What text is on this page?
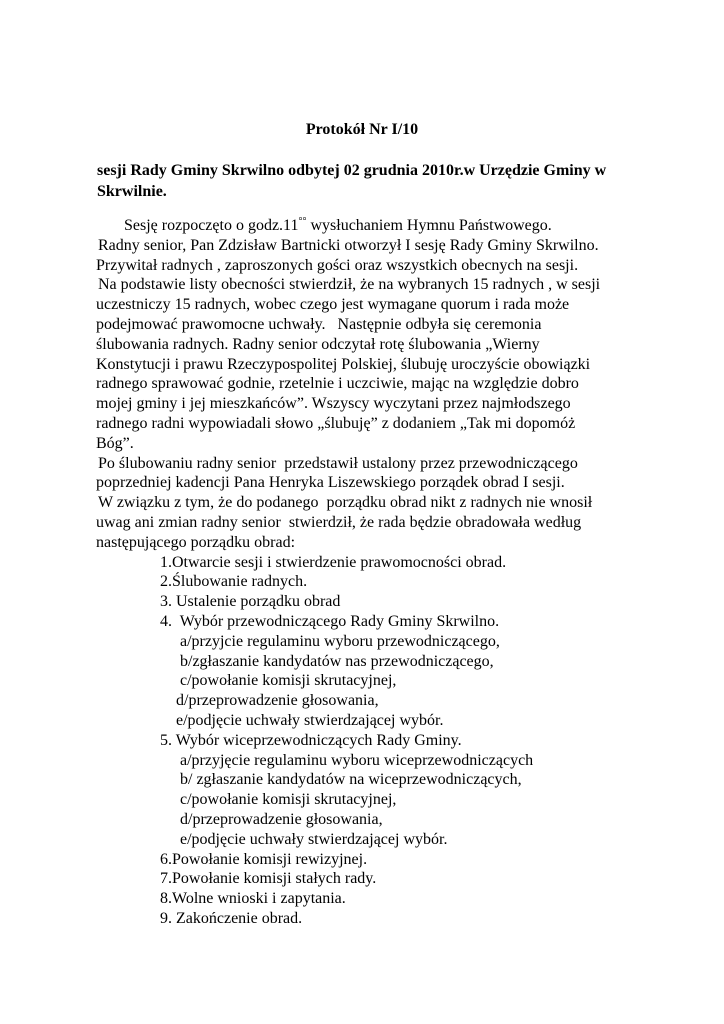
Protokół Nr I/10
sesji Rady Gminy Skrwilno odbytej 02 grudnia 2010r.w Urzędzie Gminy w Skrwilnie.
Sesję rozpoczęto o godz.11°° wysłuchaniem Hymnu Państwowego.
Radny senior, Pan Zdzisław Bartnicki otworzył I sesję Rady Gminy Skrwilno.
Przywitał radnych , zaproszonych gości oraz wszystkich obecnych na sesji.
Na podstawie listy obecności stwierdził, że na wybranych 15 radnych , w sesji
uczestniczy 15 radnych, wobec czego jest wymagane quorum i rada może
podejmować prawomocne uchwały.   Następnie odbyła się ceremonia
ślubowania radnych. Radny senior odczytał rotę ślubowania „Wierny
Konstytucji i prawu Rzeczypospolitej Polskiej, ślubuję uroczyście obowiązki
radnego sprawować godnie, rzetelnie i uczciwie, mając na względzie dobro
mojej gminy i jej mieszkańców”. Wszyscy wyczytani przez najmłodszego
radnego radni wypowiadali słowo „ślubuję” z dodaniem „Tak mi dopomóż
Bóg”.
Po ślubowaniu radny senior  przedstawił ustalony przez przewodniczącego
poprzedniej kadencji Pana Henryka Liszewskiego porządek obrad I sesji.
W związku z tym, że do podanego  porządku obrad nikt z radnych nie wnosił
uwag ani zmian radny senior  stwierdził, że rada będzie obradowała według
następującego porządku obrad:
1.Otwarcie sesji i stwierdzenie prawomocności obrad.
2.Ślubowanie radnych.
3. Ustalenie porządku obrad
4.  Wybór przewodniczącego Rady Gminy Skrwilno.
a/przyjcie regulaminu wyboru przewodniczącego,
b/zgłaszanie kandydatów nas przewodniczącego,
c/powołanie komisji skrutacyjnej,
d/przeprowadzenie głosowania,
e/podjęcie uchwały stwierdzającej wybór.
5. Wybór wiceprzewodniczących Rady Gminy.
a/przyjęcie regulaminu wyboru wiceprzewodniczących
b/ zgłaszanie kandydatów na wiceprzewodniczących,
c/powołanie komisji skrutacyjnej,
d/przeprowadzenie głosowania,
e/podjęcie uchwały stwierdzającej wybór.
6.Powołanie komisji rewizyjnej.
7.Powołanie komisji stałych rady.
8.Wolne wnioski i zapytania.
9. Zakończenie obrad.
